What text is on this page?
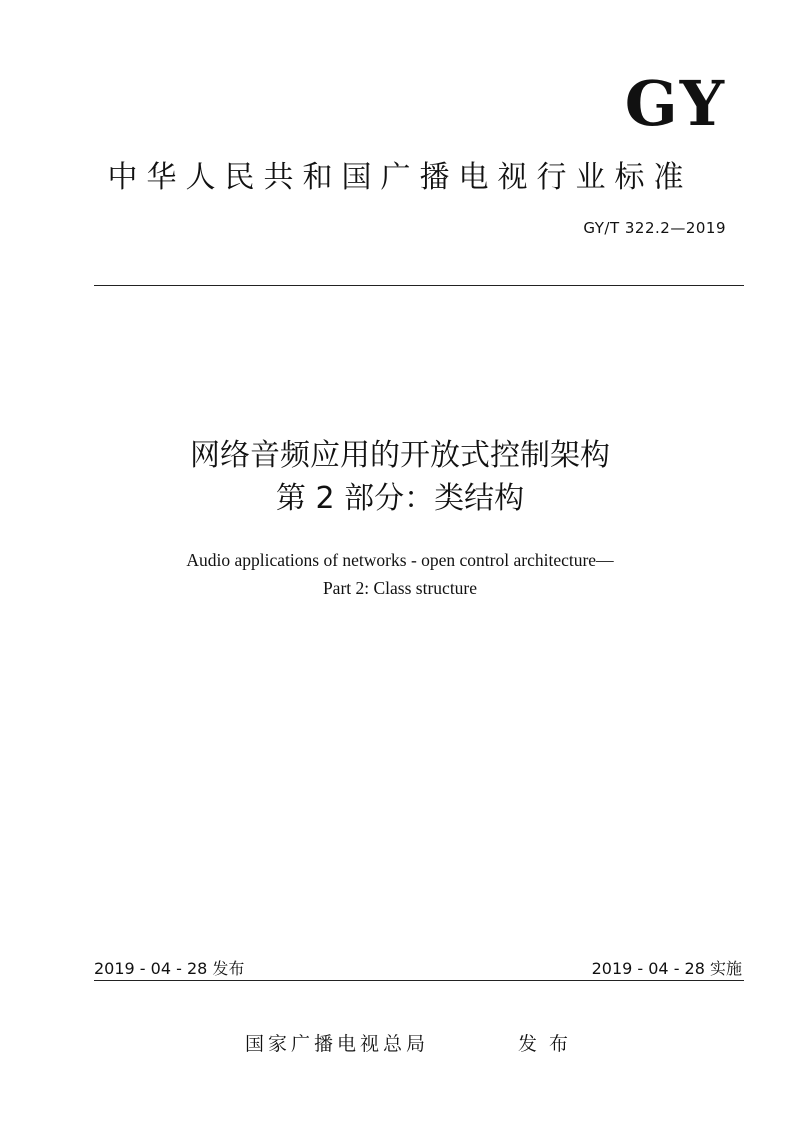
GY
中华人民共和国广播电视行业标准
GY/T 322.2—2019
网络音频应用的开放式控制架构
第 2 部分：类结构
Audio applications of networks - open control architecture—
Part 2: Class structure
2019 - 04 - 28 发布	2019 - 04 - 28 实施
国家广播电视总局	发布
